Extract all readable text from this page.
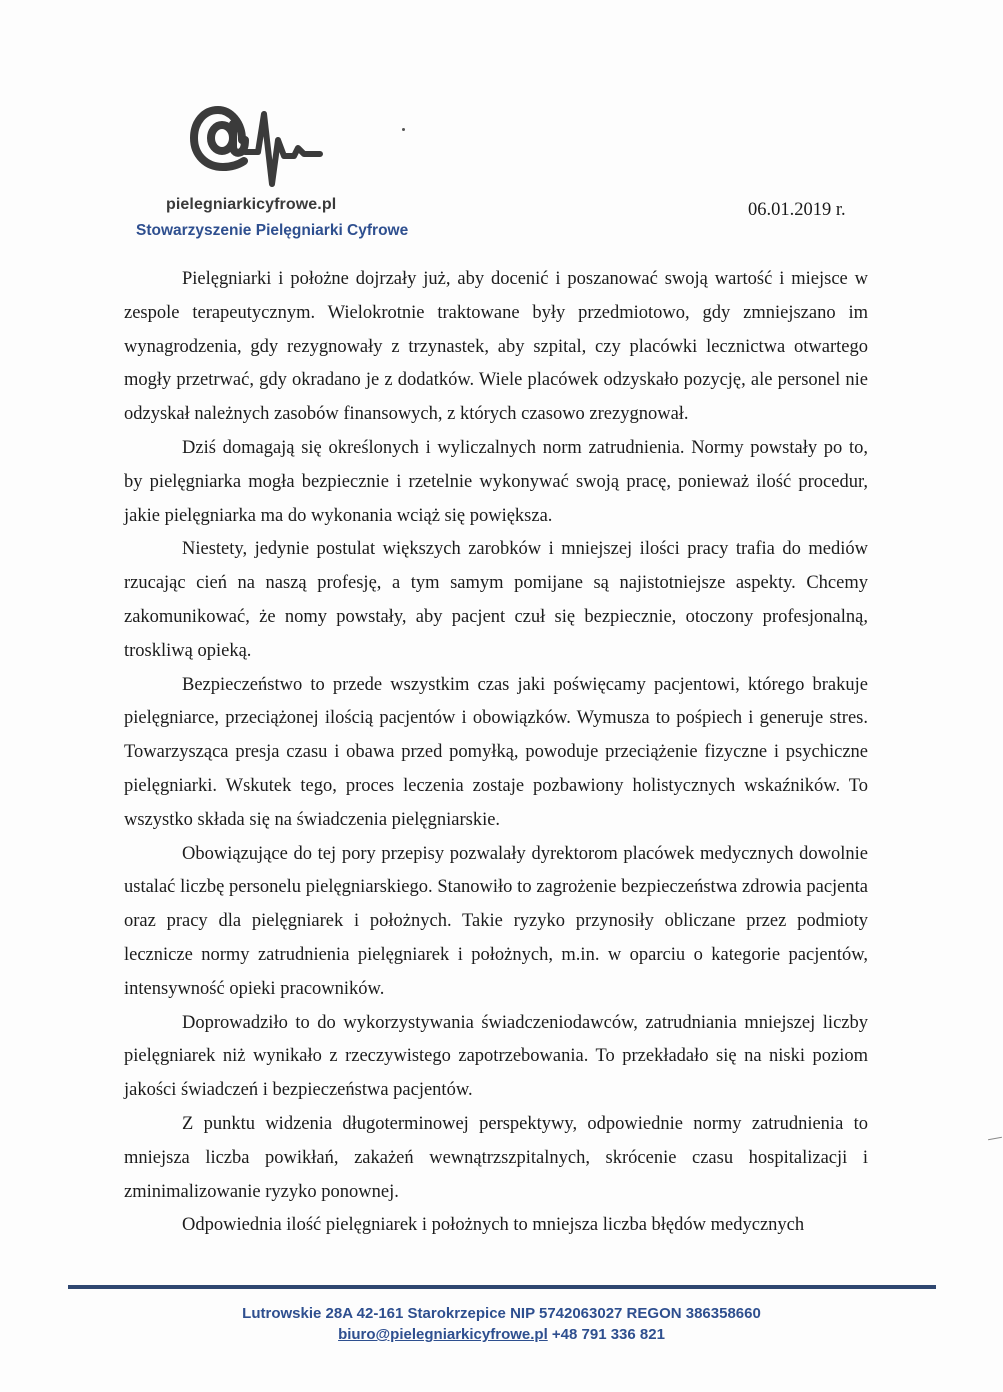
pielegniarkicyfrowe.pl
Stowarzyszenie Pielęgniarki Cyfrowe
06.01.2019 r.

Pielęgniarki i położne dojrzały już, aby docenić i poszanować swoją wartość i miejsce w zespole terapeutycznym. Wielokrotnie traktowane były przedmiotowo, gdy zmniejszano im wynagrodzenia, gdy rezygnowały z trzynastek, aby szpital, czy placówki lecznictwa otwartego mogły przetrwać, gdy okradano je z dodatków. Wiele placówek odzyskało pozycję, ale personel nie odzyskał należnych zasobów finansowych, z których czasowo zrezygnował.

Dziś domagają się określonych i wyliczalnych norm zatrudnienia. Normy powstały po to, by pielęgniarka mogła bezpiecznie i rzetelnie wykonywać swoją pracę, ponieważ ilość procedur, jakie pielęgniarka ma do wykonania wciąż się powiększa.

Niestety, jedynie postulat większych zarobków i mniejszej ilości pracy trafia do mediów rzucając cień na naszą profesję, a tym samym pomijane są najistotniejsze aspekty. Chcemy zakomunikować, że nomy powstały, aby pacjent czuł się bezpiecznie, otoczony profesjonalną, troskliwą opieką.

Bezpieczeństwo to przede wszystkim czas jaki poświęcamy pacjentowi, którego brakuje pielęgniarce, przeciążonej ilością pacjentów i obowiązków. Wymusza to pośpiech i generuje stres. Towarzysząca presja czasu i obawa przed pomyłką, powoduje przeciążenie fizyczne i psychiczne pielęgniarki. Wskutek tego, proces leczenia zostaje pozbawiony holistycznych wskaźników. To wszystko składa się na świadczenia pielęgniarskie.

Obowiązujące do tej pory przepisy pozwalały dyrektorom placówek medycznych dowolnie ustalać liczbę personelu pielęgniarskiego. Stanowiło to zagrożenie bezpieczeństwa zdrowia pacjenta oraz pracy dla pielęgniarek i położnych. Takie ryzyko przynosiły obliczane przez podmioty lecznicze normy zatrudnienia pielęgniarek i położnych, m.in. w oparciu o kategorie pacjentów, intensywność opieki pracowników.

Doprowadziło to do wykorzystywania świadczeniodawców, zatrudniania mniejszej liczby pielęgniarek niż wynikało z rzeczywistego zapotrzebowania. To przekładało się na niski poziom jakości świadczeń i bezpieczeństwa pacjentów.

Z punktu widzenia długoterminowej perspektywy, odpowiednie normy zatrudnienia to mniejsza liczba powikłań, zakażeń wewnątrzszpitalnych, skrócenie czasu hospitalizacji i zminimalizowanie ryzyko ponownej.

Odpowiednia ilość pielęgniarek i położnych to mniejsza liczba błędów medycznych

Lutrowskie 28A 42-161 Starokrzepice NIP 5742063027 REGON 386358660
biuro@pielegniarkicyfrowe.pl +48 791 336 821
